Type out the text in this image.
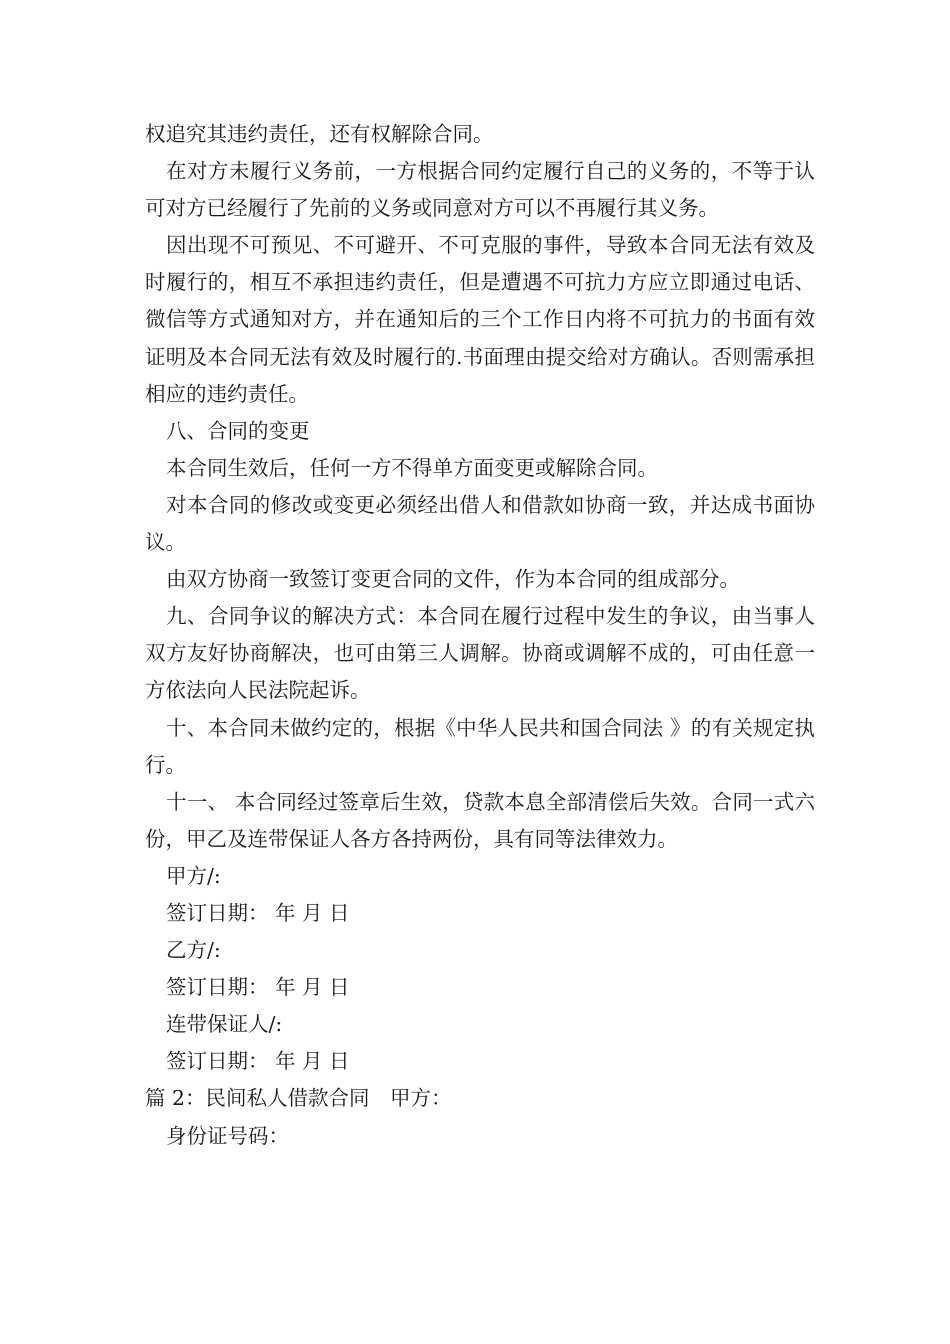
权追究其违约责任，还有权解除合同。

在对方未履行义务前，一方根据合同约定履行自己的义务的，不等于认可对方已经履行了先前的义务或同意对方可以不再履行其义务。

因出现不可预见、不可避开、不可克服的事件，导致本合同无法有效及时履行的，相互不承担违约责任，但是遭遇不可抗力方应立即通过电话、微信等方式通知对方，并在通知后的三个工作日内将不可抗力的书面有效证明及本合同无法有效及时履行的.书面理由提交给对方确认。否则需承担相应的违约责任。

八、合同的变更

本合同生效后，任何一方不得单方面变更或解除合同。

对本合同的修改或变更必须经出借人和借款如协商一致，并达成书面协议。

由双方协商一致签订变更合同的文件，作为本合同的组成部分。

九、合同争议的解决方式：本合同在履行过程中发生的争议，由当事人双方友好协商解决，也可由第三人调解。协商或调解不成的，可由任意一方依法向人民法院起诉。

十、本合同未做约定的，根据《中华人民共和国合同法 》的有关规定执行。

十一、 本合同经过签章后生效，贷款本息全部清偿后失效。合同一式六份，甲乙及连带保证人各方各持两份，具有同等法律效力。

甲方/:

签订日期： 年 月 日

乙方/:

签订日期： 年 月 日

连带保证人/:

签订日期： 年 月 日

篇 2：民间私人借款合同　甲方：

身份证号码：
